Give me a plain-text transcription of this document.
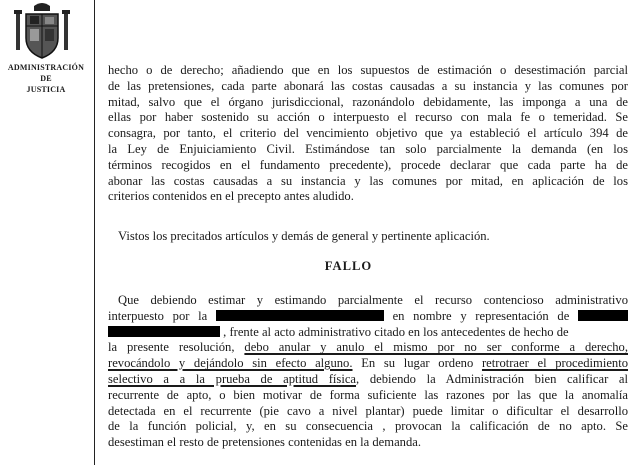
ADMINISTRACIÓN
DE
JUSTICIA
hecho o de derecho; añadiendo que en los supuestos de estimación o desestimación parcial
de las pretensiones, cada parte abonará las costas causadas a su instancia y las comunes por
mitad, salvo que el órgano jurisdiccional, razonándolo debidamente, las imponga a una de
ellas por haber sostenido su acción o interpuesto el recurso con mala fe o temeridad. Se
consagra, por tanto, el criterio del vencimiento objetivo que ya estableció el artículo 394 de
la Ley de Enjuiciamiento Civil. Estimándose tan solo parcialmente la demanda (en los
términos recogidos en el fundamento precedente), procede declarar que cada parte ha de
abonar las costas causadas a su instancia y las comunes por mitad, en aplicación de los
criterios contenidos en el precepto antes aludido.
Vistos los precitados artículos y demás de general y pertinente aplicación.
FALLO
Que debiendo estimar y estimando parcialmente el recurso contencioso administrativo
interpuesto por la	en nombre y representación de
, frente al acto administrativo citado en los antecedentes de hecho de
la presente resolución, debo anular y anulo el mismo por no ser conforme a derecho,
revocándolo y dejándolo sin efecto alguno. En su lugar ordeno retrotraer el procedimiento
selectivo a a la prueba de aptitud física, debiendo la Administración bien calificar al
recurrente de apto, o bien motivar de forma suficiente las razones por las que la anomalía
detectada en el recurrente (pie cavo a nivel plantar) puede limitar o dificultar el desarrollo
de la función policial, y, en su consecuencia , provocan la calificación de no apto. Se
desestiman el resto de pretensiones contenidas en la demanda.
